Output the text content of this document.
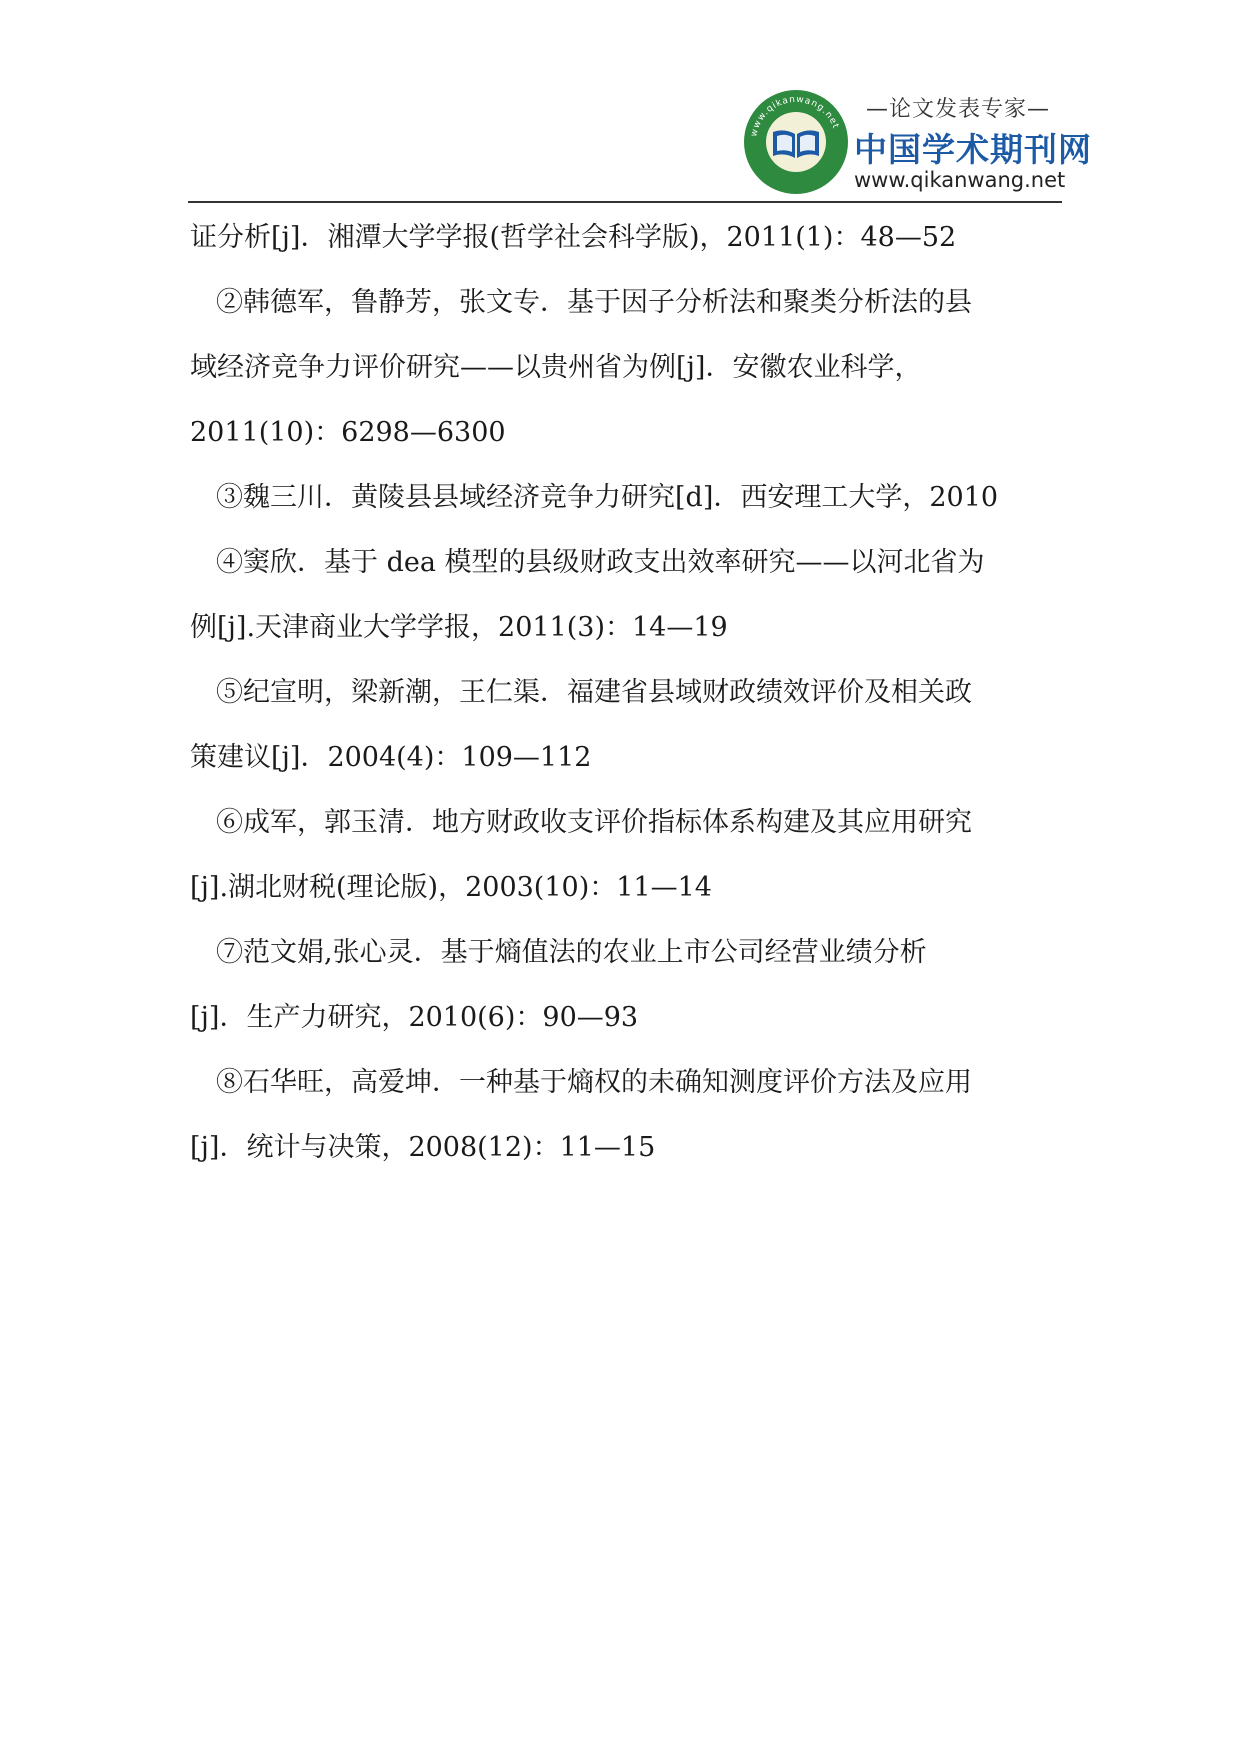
www.qikanwang.net
—论文发表专家—
中国学术期刊网
www.qikanwang.net
证分析[j]．湘潭大学学报(哲学社会科学版)，2011(1)：48—52
②韩德军，鲁静芳，张文专．基于因子分析法和聚类分析法的县
域经济竞争力评价研究——以贵州省为例[j]．安徽农业科学，
2011(10)：6298—6300
③魏三川．黄陵县县域经济竞争力研究[d]．西安理工大学，2010
④窦欣．基于 dea 模型的县级财政支出效率研究——以河北省为
例[j].天津商业大学学报，2011(3)：14—19
⑤纪宣明，梁新潮，王仁渠．福建省县域财政绩效评价及相关政
策建议[j]．2004(4)：109—112
⑥成军，郭玉清．地方财政收支评价指标体系构建及其应用研究
[j].湖北财税(理论版)，2003(10)：11—14
⑦范文娟,张心灵．基于熵值法的农业上市公司经营业绩分析
[j]．生产力研究，2010(6)：90—93
⑧石华旺，高爱坤．一种基于熵权的未确知测度评价方法及应用
[j]．统计与决策，2008(12)：11—15
